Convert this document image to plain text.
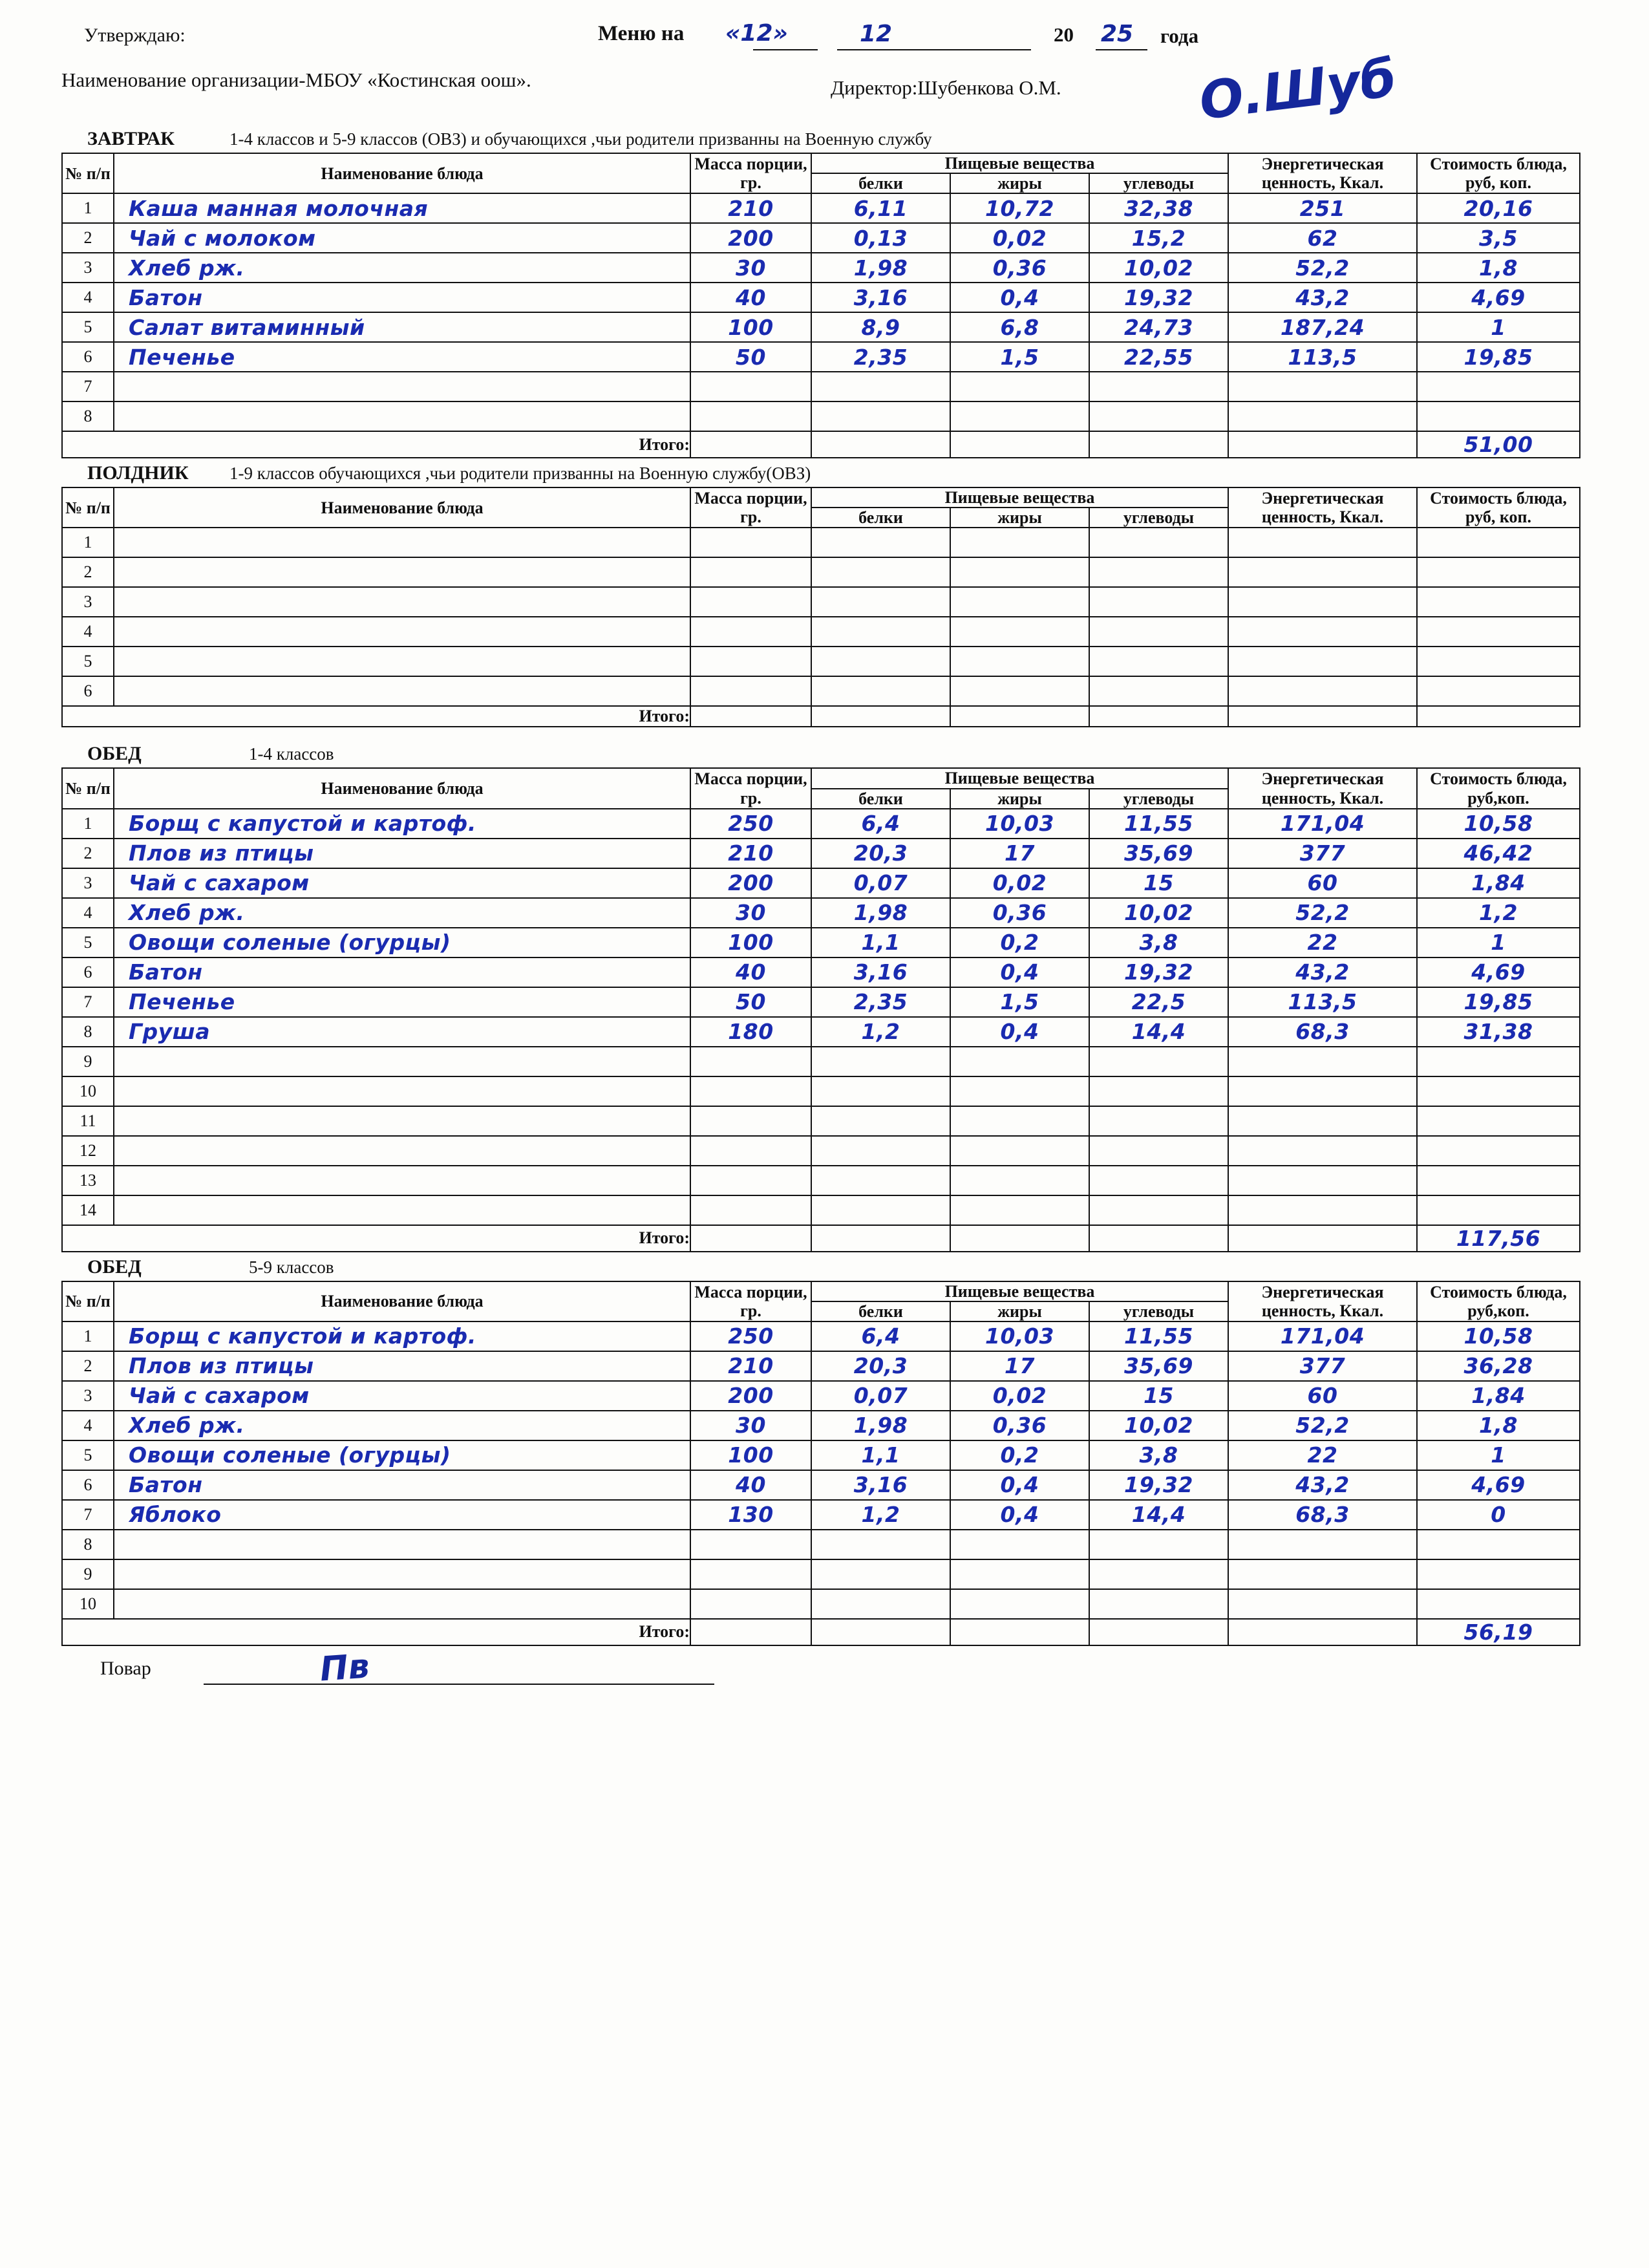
Утверждаю:	Меню на «12»	12	20 25 года
Наименование организации-МБОУ «Костинская оош».	Директор:Шубенкова О.М.	О.Шуб
ЗАВТРАК	1-4 классов и 5-9 классов (ОВЗ) и обучающихся ,чьи родители призванны на Военную службу
№ п/п	Наименование блюда	Масса порции, гр.	Пищевые вещества			Энергетическая ценность, Ккал.	Стоимость блюда, руб, коп.
			белки	жиры	углеводы		
1	Каша манная молочная	210	6,11	10,72	32,38	251	20,16
2	Чай с молоком	200	0,13	0,02	15,2	62	3,5
3	Хлеб рж.	30	1,98	0,36	10,02	52,2	1,8
4	Батон	40	3,16	0,4	19,32	43,2	4,69
5	Салат витаминный	100	8,9	6,8	24,73	187,24	1
6	Печенье	50	2,35	1,5	22,55	113,5	19,85
7							
8							
Итого:							51,00
ПОЛДНИК 1-9 классов обучающихся ,чьи родители призванны на Военную службу(ОВЗ)
№ п/п	Наименование блюда	Масса порции, гр.	Пищевые вещества			Энергетическая ценность, Ккал.	Стоимость блюда, руб, коп.
			белки	жиры	углеводы		
1							
2							
3							
4							
5							
6							
Итого:							
ОБЕД	1-4 классов
№ п/п	Наименование блюда	Масса порции, гр.	Пищевые вещества			Энергетическая ценность, Ккал.	Стоимость блюда, руб,коп.
			белки	жиры	углеводы		
1	Борщ с капустой и картоф.	250	6,4	10,03	11,55	171,04	10,58
2	Плов из птицы	210	20,3	17	35,69	377	46,42
3	Чай с сахаром	200	0,07	0,02	15	60	1,84
4	Хлеб рж.	30	1,98	0,36	10,02	52,2	1,2
5	Овощи соленые (огурцы)	100	1,1	0,2	3,8	22	1
6	Батон	40	3,16	0,4	19,32	43,2	4,69
7	Печенье	50	2,35	1,5	22,5	113,5	19,85
8	Груша	180	1,2	0,4	14,4	68,3	31,38
9							
10							
11							
12							
13							
14							
Итого:							117,56
ОБЕД	5-9 классов
№ п/п	Наименование блюда	Масса порции, гр.	Пищевые вещества			Энергетическая ценность, Ккал.	Стоимость блюда, руб,коп.
			белки	жиры	углеводы		
1	Борщ с капустой и картоф.	250	6,4	10,03	11,55	171,04	10,58
2	Плов из птицы	210	20,3	17	35,69	377	36,28
3	Чай с сахаром	200	0,07	0,02	15	60	1,84
4	Хлеб рж.	30	1,98	0,36	10,02	52,2	1,8
5	Овощи соленые (огурцы)	100	1,1	0,2	3,8	22	1
6	Батон	40	3,16	0,4	19,32	43,2	4,69
7	Яблоко	130	1,2	0,4	14,4	68,3	0
8							
9							
10							
Итого:							56,19
Повар	Пв
